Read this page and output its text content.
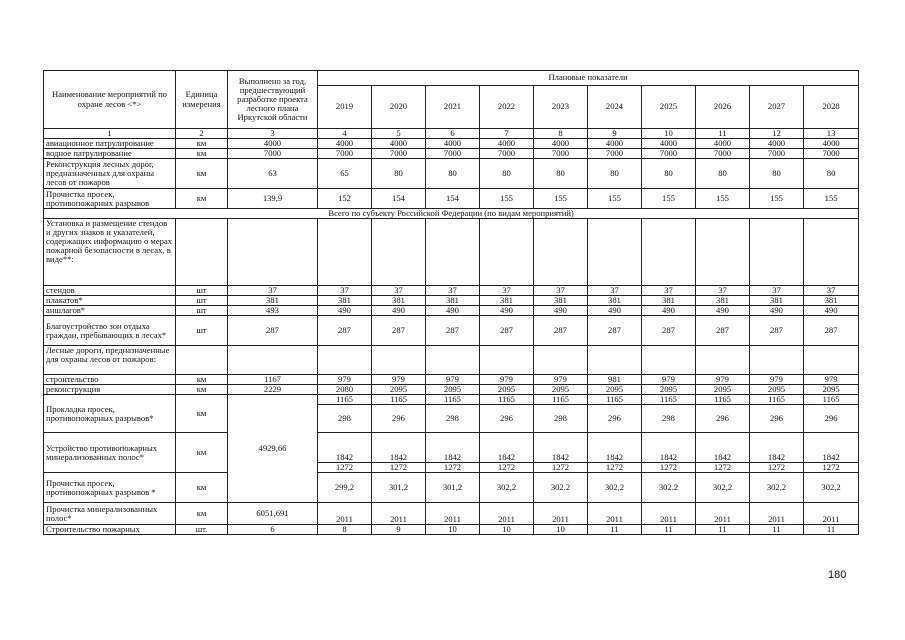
Наименование мероприятий по охране лесов <*>	Единица измерения	Выполнено за год, предшествующий разработке проекта лесного плана Иркутской области	Плановые показатели									
			2019	2020	2021	2022	2023	2024	2025	2026	2027	2028
1	2	3	4	5	6	7	8	9	10	11	12	13
авиационное патрулирование	км	4000	4000	4000	4000	4000	4000	4000	4000	4000	4000	4000
водное патрулирование	км	7000	7000	7000	7000	7000	7000	7000	7000	7000	7000	7000
Реконструкция лесных дорог, предназначенных для охраны лесов от пожаров	км	63	65	80	80	80	80	80	80	80	80	80
Прочистка просек, противопожарных разрывов	км	139,9	152	154	154	155	155	155	155	155	155	155
Всего по субъекту Российской Федерации (по видам мероприятий)												
Установка и размещение стендов и других знаков и указателей, содержащих информацию о мерах пожарной безопасности в лесах, в виде**:												
стендов	шт	37	37	37	37	37	37	37	37	37	37	37
плакатов*	шт	381	381	381	381	381	381	381	381	381	381	381
аншлагов*	шт	493	490	490	490	490	490	490	490	490	490	490
Благоустройство зон отдыха граждан, пребывающих в лесах*	шт	287	287	287	287	287	287	287	287	287	287	287
Лесные дороги, предназначенные для охраны лесов от пожаров:												
строительство	км	1167	979	979	979	979	979	981	979	979	979	979
реконструкция	км	2229	2080	2095	2095	2095	2095	2095	2095	2095	2095	2095
Прокладка просек, противопожарных разрывов*	км	4929,66	1165	1165	1165	1165	1165	1165	1165	1165	1165	1165
			298	296	298	296	298	296	298	296	296	296
Устройство противопожарных минерализованных полос*	км		1842	1842	1842	1842	1842	1842	1842	1842	1842	1842
			1272	1272	1272	1272	1272	1272	1272	1272	1272	1272
Прочистка просек, противопожарных разрывов *	км		299,2	301,2	301,2	302,2	302.2	302,2	302.2	302,2	302,2	302,2
Прочистка минерализованных полос*	км	6051,691	2011	2011	2011	2011	2011	2011	2011	2011	2011	2011
Строительство пожарных	шт.	6	8	9	10	10	10	11	11	11	11	11
180
